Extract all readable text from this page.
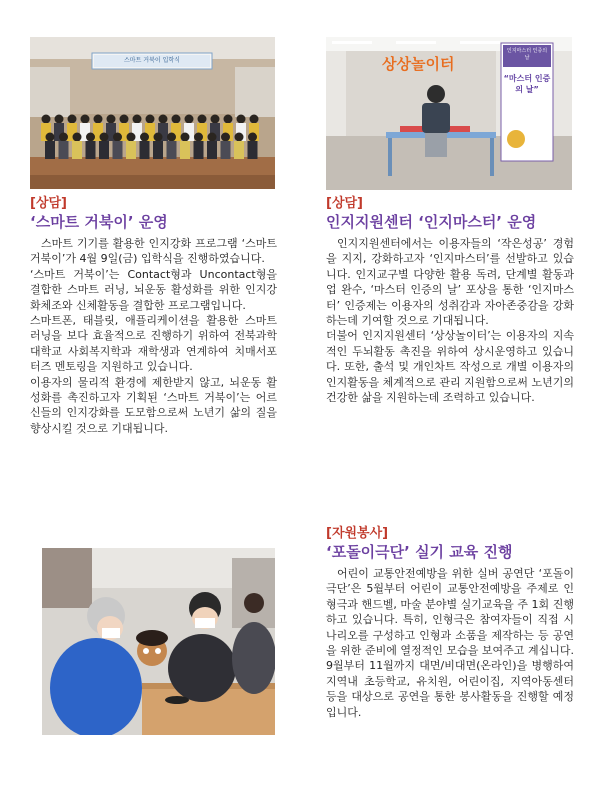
스마트 거북이 입학식	상상놀이터
인지마스터 인증의 날
“마스터 인증의 날”
[상담]
‘스마트 거북이’ 운영

스마트 기기를 활용한 인지강화 프로그램 ‘스마트 거북이’가 4월 9일(금) 입학식을 진행하였습니다.

‘스마트 거북이’는 Contact형과 Uncontact형을 결합한 스마트 러닝, 뇌운동 활성화를 위한 인지강화체조와 신체활동을 결합한 프로그램입니다.

스마트폰, 태블릿, 애플리케이션을 활용한 스마트 러닝을 보다 효율적으로 진행하기 위하여 전북과학대학교 사회복지학과 재학생과 연계하여 치매서포터즈 멘토링을 지원하고 있습니다.

이용자의 물리적 환경에 제한받지 않고, 뇌운동 활성화를 촉진하고자 기획된 ‘스마트 거북이’는 어르신들의 인지강화를 도모함으로써 노년기 삶의 질을 향상시킬 것으로 기대됩니다.

[상담]
인지지원센터 ‘인지마스터’ 운영

인지지원센터에서는 이용자들의 ‘작은성공’ 경험을 지지, 강화하고자 ‘인지마스터’를 선발하고 있습니다. 인지교구별 다양한 활용 독려, 단계별 활동과업 완수, ‘마스터 인증의 날’ 포상을 통한 ‘인지마스터’ 인증제는 이용자의 성취감과 자아존중감을 강화하는데 기여할 것으로 기대됩니다.

더불어 인지지원센터 ‘상상놀이터’는 이용자의 지속적인 두뇌활동 촉진을 위하여 상시운영하고 있습니다. 또한, 출석 및 개인차트 작성으로 개별 이용자의 인지활동을 체계적으로 관리 지원함으로써 노년기의 건강한 삶을 지원하는데 조력하고 있습니다.

[자원봉사]
‘포돌이극단’ 실기 교육 진행

어린이 교통안전예방을 위한 실버 공연단 ‘포돌이극단’은 5월부터 어린이 교통안전예방을 주제로 인형극과 핸드벨, 마술 분야별 실기교육을 주 1회 진행하고 있습니다. 특히, 인형극은 참여자들이 직접 시나리오를 구성하고 인형과 소품을 제작하는 등 공연을 위한 준비에 열정적인 모습을 보여주고 계십니다. 9월부터 11월까지 대면/비대면(온라인)을 병행하여 지역내 초등학교, 유치원, 어린이집, 지역아동센터 등을 대상으로 공연을 통한 봉사활동을 진행할 예정입니다.
